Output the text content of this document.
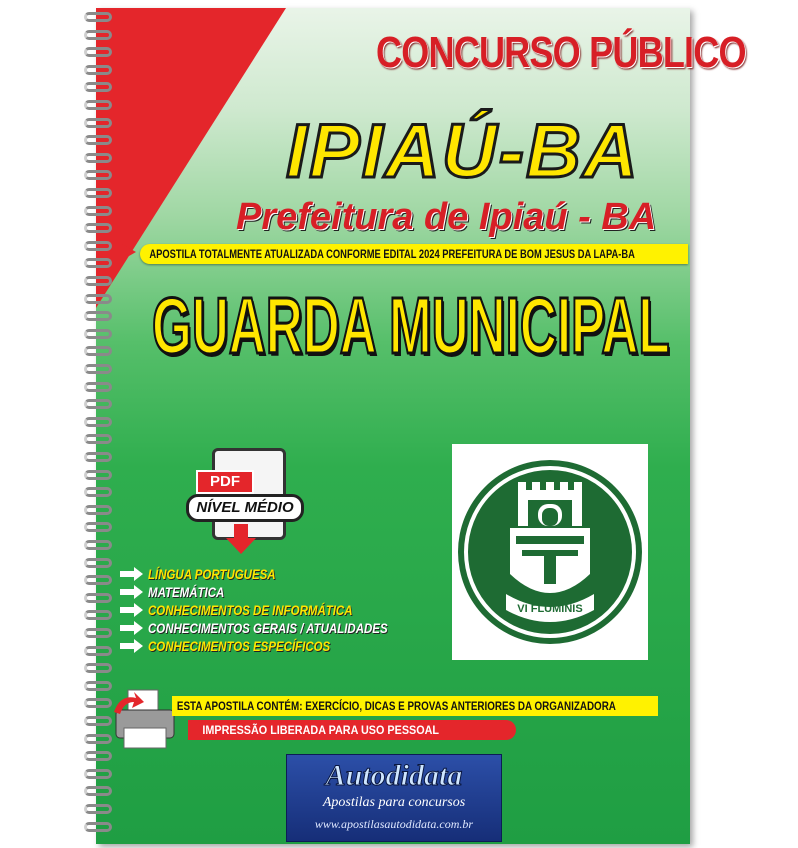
CONCURSO PÚBLICO
IPIAÚ-BA
Prefeitura de Ipiaú - BA
APOSTILA TOTALMENTE ATUALIZADA CONFORME EDITAL 2024 PREFEITURA DE BOM JESUS DA LAPA-BA
GUARDA MUNICIPAL
PDF
NÍVEL MÉDIO
VI FLUMINIS
LÍNGUA PORTUGUESA
MATEMÁTICA
CONHECIMENTOS DE INFORMÁTICA
CONHECIMENTOS GERAIS / ATUALIDADES
CONHECIMENTOS ESPECÍFICOS
ESTA APOSTILA CONTÉM: EXERCÍCIO, DICAS E PROVAS ANTERIORES DA ORGANIZADORA
IMPRESSÃO LIBERADA PARA USO PESSOAL
Autodidata
Apostilas para concursos
www.apostilasautodidata.com.br
